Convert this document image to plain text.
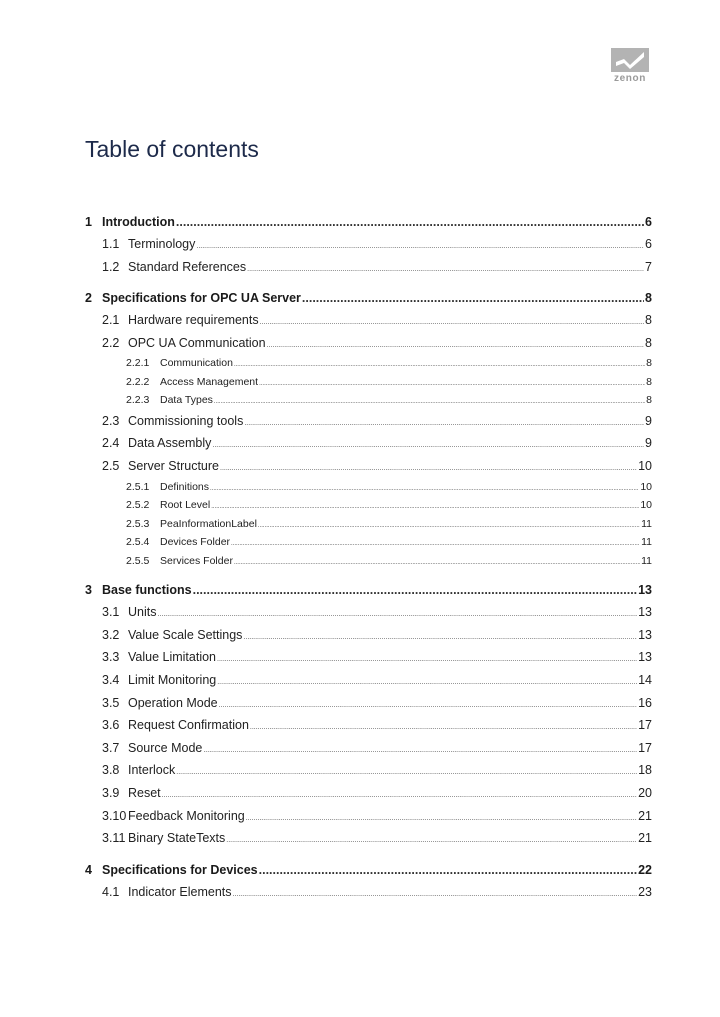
zenon
Table of contents
1 Introduction .....	6
1.1 Terminology .....	6
1.2 Standard References .....	7
2 Specifications for OPC UA Server .....	8
2.1 Hardware requirements .....	8
2.2 OPC UA Communication .....	8
2.2.1	Communication .....	8
2.2.2	Access Management .....	8
2.2.3	Data Types .....	8
2.3 Commissioning tools .....	9
2.4 Data Assembly .....	9
2.5 Server Structure .....	10
2.5.1	Definitions .....	10
2.5.2	Root Level .....	10
2.5.3	PeaInformationLabel .....	11
2.5.4	Devices Folder .....	11
2.5.5	Services Folder .....	11
3 Base functions .....	13
3.1 Units .....	13
3.2 Value Scale Settings .....	13
3.3 Value Limitation .....	13
3.4 Limit Monitoring .....	14
3.5 Operation Mode .....	16
3.6 Request Confirmation .....	17
3.7 Source Mode .....	17
3.8 Interlock .....	18
3.9 Reset .....	20
3.10 Feedback Monitoring .....	21
3.11 Binary StateTexts .....	21
4 Specifications for Devices .....	22
4.1 Indicator Elements .....	23
